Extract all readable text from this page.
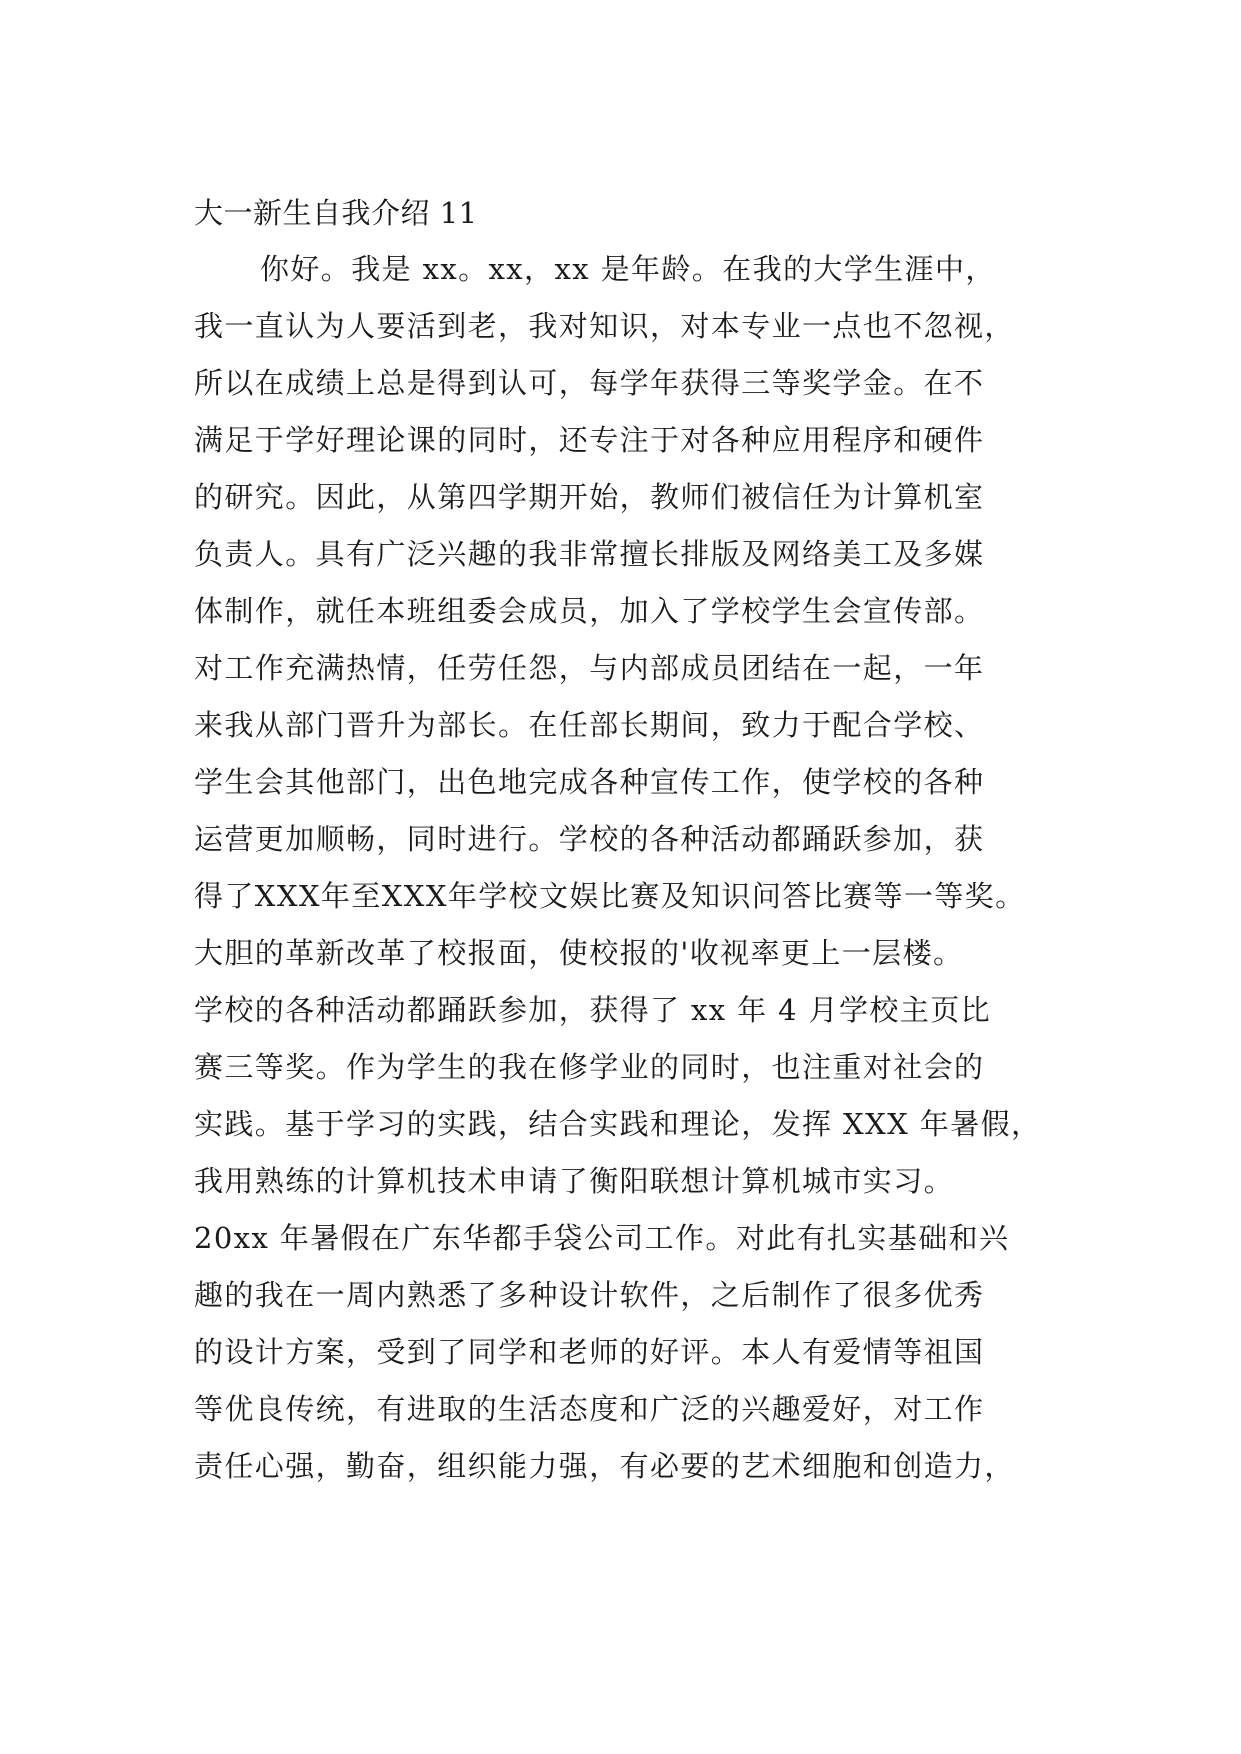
大一新生自我介绍 11
你好。我是 xx。xx，xx 是年龄。在我的大学生涯中，
我一直认为人要活到老，我对知识，对本专业一点也不忽视，
所以在成绩上总是得到认可，每学年获得三等奖学金。在不
满足于学好理论课的同时，还专注于对各种应用程序和硬件
的研究。因此，从第四学期开始，教师们被信任为计算机室
负责人。具有广泛兴趣的我非常擅长排版及网络美工及多媒
体制作，就任本班组委会成员，加入了学校学生会宣传部。
对工作充满热情，任劳任怨，与内部成员团结在一起，一年
来我从部门晋升为部长。在任部长期间，致力于配合学校、
学生会其他部门，出色地完成各种宣传工作，使学校的各种
运营更加顺畅，同时进行。学校的各种活动都踊跃参加，获
得了XXX年至XXX年学校文娱比赛及知识问答比赛等一等奖。
大胆的革新改革了校报面，使校报的'收视率更上一层楼。
学校的各种活动都踊跃参加，获得了 xx 年 4 月学校主页比
赛三等奖。作为学生的我在修学业的同时，也注重对社会的
实践。基于学习的实践，结合实践和理论，发挥 XXX 年暑假，
我用熟练的计算机技术申请了衡阳联想计算机城市实习。
20xx 年暑假在广东华都手袋公司工作。对此有扎实基础和兴
趣的我在一周内熟悉了多种设计软件，之后制作了很多优秀
的设计方案，受到了同学和老师的好评。本人有爱情等祖国
等优良传统，有进取的生活态度和广泛的兴趣爱好，对工作
责任心强，勤奋，组织能力强，有必要的艺术细胞和创造力，
